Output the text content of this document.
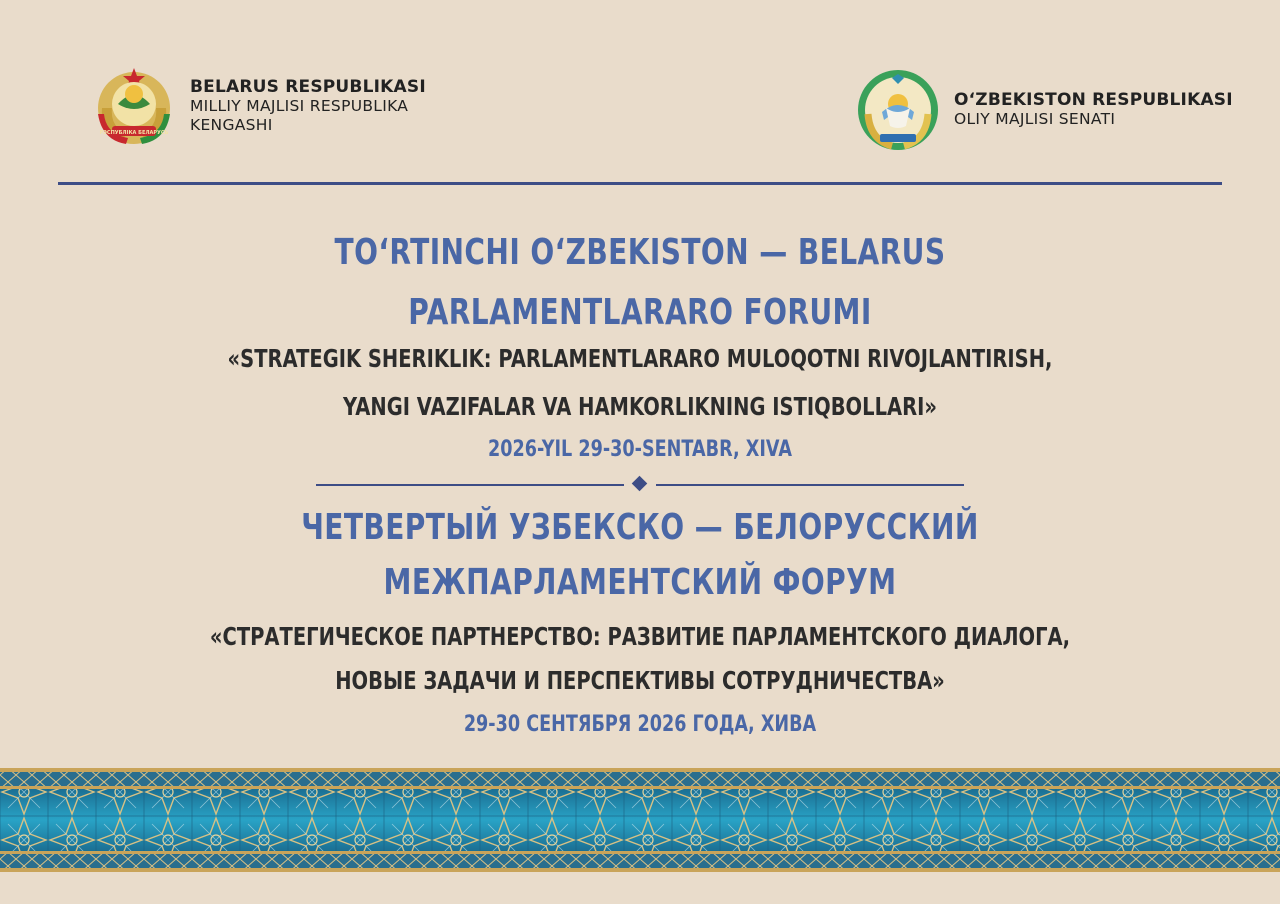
РЭСПУБЛІКА БЕЛАРУСЬ
BELARUS RESPUBLIKASI
MILLIY MAJLISI RESPUBLIKA
KENGASHI
O‘ZBEKISTON RESPUBLIKASI
OLIY MAJLISI SENATI
TO‘RTINCHI O‘ZBEKISTON — BELARUS
PARLAMENTLARARO FORUMI
«STRATEGIK SHERIKLIK: PARLAMENTLARARO MULOQOTNI RIVOJLANTIRISH,
YANGI VAZIFALAR VA HAMKORLIKNING ISTIQBOLLARI»
2026-YIL 29-30-SENTABR, XIVA
ЧЕТВЕРТЫЙ УЗБЕКСКО — БЕЛОРУССКИЙ
МЕЖПАРЛАМЕНТСКИЙ ФОРУМ
«СТРАТЕГИЧЕСКОЕ ПАРТНЕРСТВО: РАЗВИТИЕ ПАРЛАМЕНТСКОГО ДИАЛОГА,
НОВЫЕ ЗАДАЧИ И ПЕРСПЕКТИВЫ СОТРУДНИЧЕСТВА»
29-30 СЕНТЯБРЯ 2026 ГОДА, ХИВА
